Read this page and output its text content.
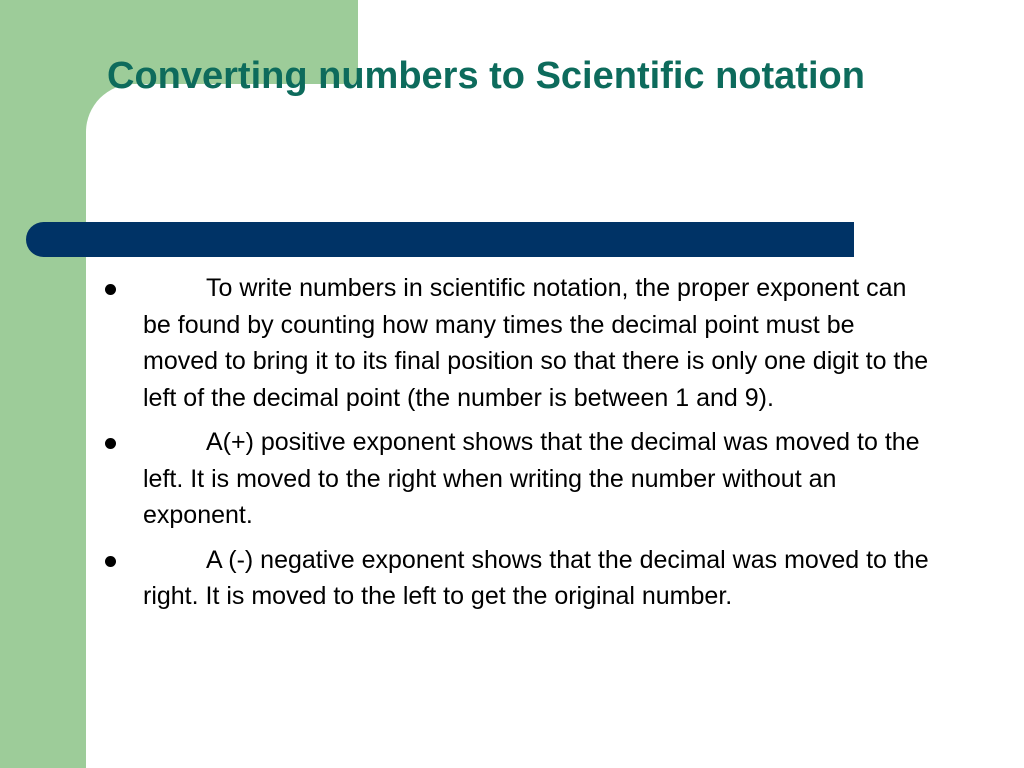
Converting numbers to Scientific notation

To write numbers in scientific notation, the proper exponent can be found by counting how many times the decimal point must be moved to bring it to its final position so that there is only one digit to the left of the decimal point (the number is between 1 and 9).

A(+) positive exponent shows that the decimal was moved to the left. It is moved to the right when writing the number without an exponent.

A (-) negative exponent shows that the decimal was moved to the right. It is moved to the left to get the original number.
